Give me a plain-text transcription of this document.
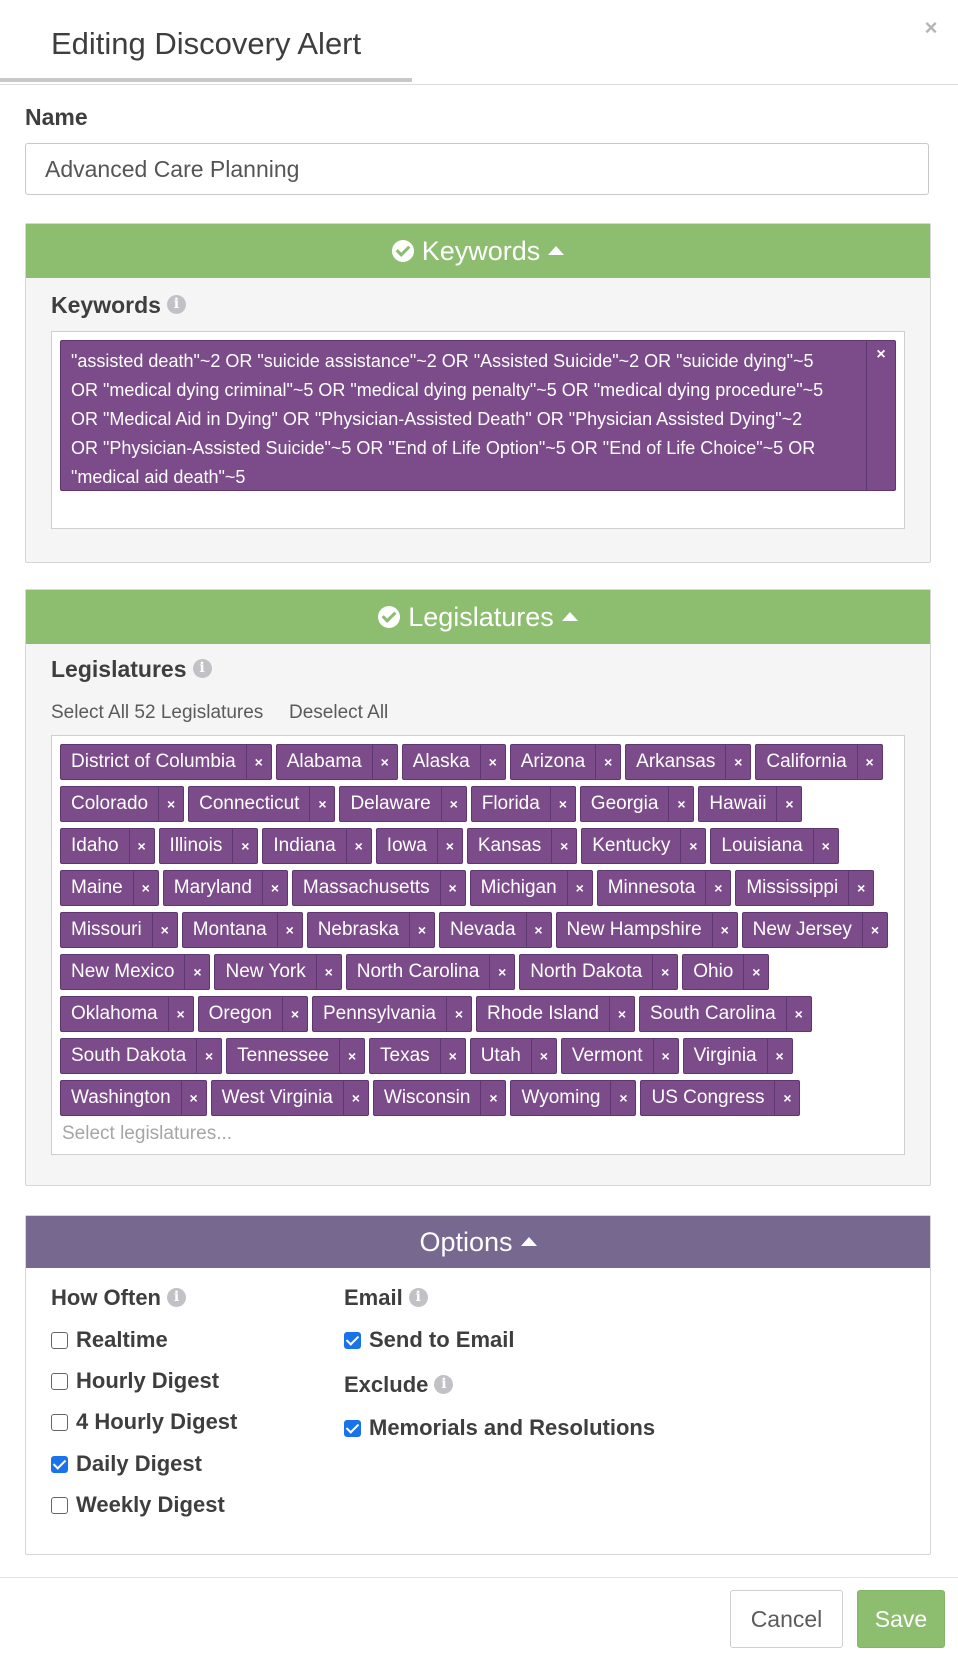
Editing Discovery Alert	×
Name
Advanced Care Planning
Keywords
Keywords i
"assisted death"~2 OR "suicide assistance"~2 OR "Assisted Suicide"~2 OR "suicide dying"~5 OR "medical dying criminal"~5 OR "medical dying penalty"~5 OR "medical dying procedure"~5 OR "Medical Aid in Dying" OR "Physician-Assisted Death" OR "Physician Assisted Dying"~2 OR "Physician-Assisted Suicide"~5 OR "End of Life Option"~5 OR "End of Life Choice"~5 OR "medical aid death"~5
×
Legislatures
Legislatures i
District of Columbia	×	Alabama	×	Alaska	×	Arizona	×	Arkansas	×	California	×
Colorado	×	Connecticut	×	Delaware	×	Florida	×	Georgia	×	Hawaii	×
Idaho	×	Illinois	×	Indiana	×	Iowa	×	Kansas	×	Kentucky	×	Louisiana	×
Maine	×	Maryland	×	Massachusetts	×	Michigan	×	Minnesota	×	Mississippi	×
Missouri	×	Montana	×	Nebraska	×	Nevada	×	New Hampshire	×	New Jersey	×
New Mexico	×	New York	×	North Carolina	×	North Dakota	×	Ohio	×
Oklahoma	×	Oregon	×	Pennsylvania	×	Rhode Island	×	South Carolina	×
South Dakota	×	Tennessee	×	Texas	×	Utah	×	Vermont	×	Virginia	×
Washington	×	West Virginia	×	Wisconsin	×	Wyoming	×	US Congress	×
Select legislatures...
Select All 52 Legislatures Deselect All
Options
How Often i
Realtime
Hourly Digest
4 Hourly Digest
Daily Digest
Weekly Digest
Email i
Send to Email
Exclude i
Memorials and Resolutions
Cancel	Save
